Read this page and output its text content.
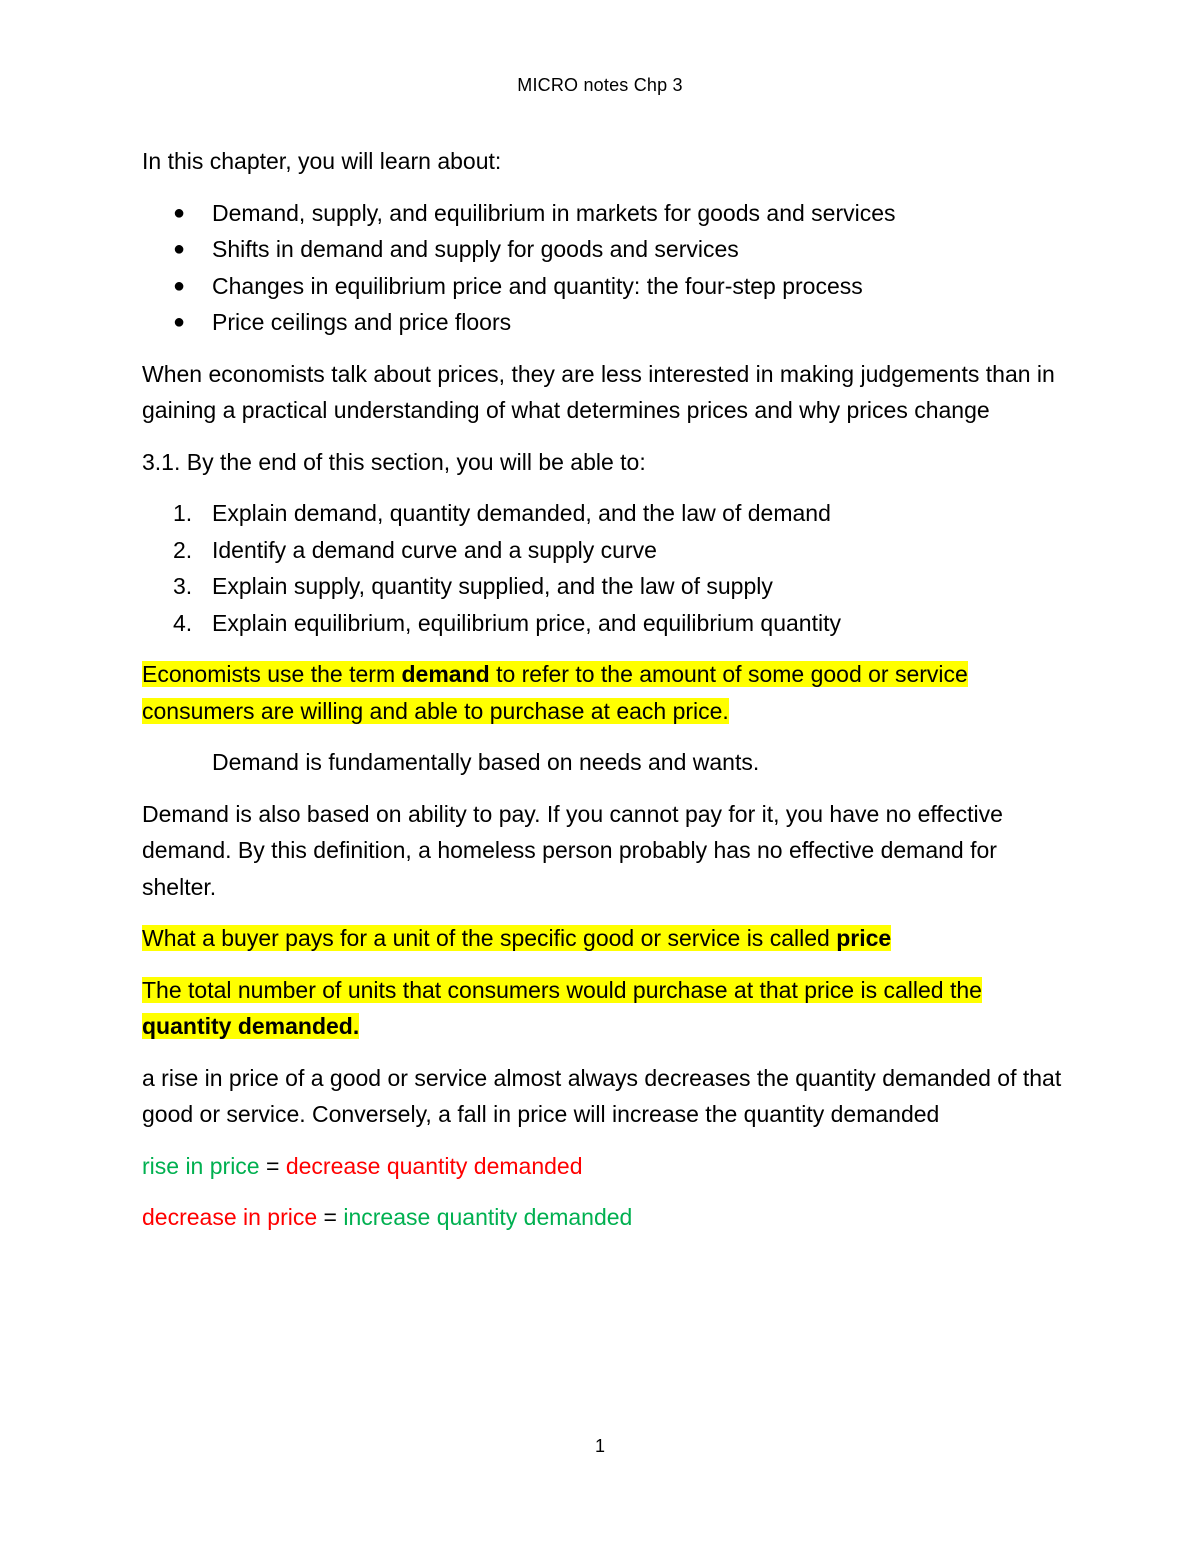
MICRO notes Chp 3

In this chapter, you will learn about:

● Demand, supply, and equilibrium in markets for goods and services
● Shifts in demand and supply for goods and services
● Changes in equilibrium price and quantity: the four-step process
● Price ceilings and price floors

When economists talk about prices, they are less interested in making judgements than in gaining a practical understanding of what determines prices and why prices change

3.1. By the end of this section, you will be able to:

1. Explain demand, quantity demanded, and the law of demand
2. Identify a demand curve and a supply curve
3. Explain supply, quantity supplied, and the law of supply
4. Explain equilibrium, equilibrium price, and equilibrium quantity

Economists use the term demand to refer to the amount of some good or service consumers are willing and able to purchase at each price.

Demand is fundamentally based on needs and wants.

Demand is also based on ability to pay. If you cannot pay for it, you have no effective demand. By this definition, a homeless person probably has no effective demand for shelter.

What a buyer pays for a unit of the specific good or service is called price

The total number of units that consumers would purchase at that price is called the quantity demanded.

a rise in price of a good or service almost always decreases the quantity demanded of that good or service. Conversely, a fall in price will increase the quantity demanded

rise in price = decrease quantity demanded

decrease in price = increase quantity demanded

1
